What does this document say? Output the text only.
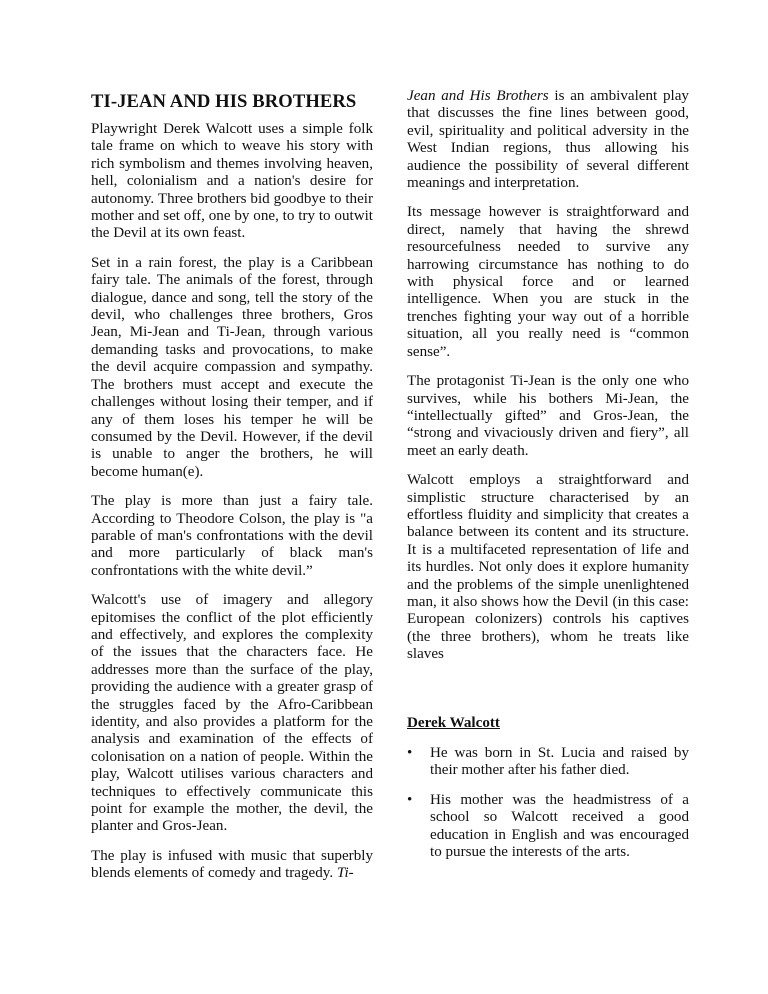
TI-JEAN AND HIS BROTHERS

Playwright Derek Walcott uses a simple folk tale frame on which to weave his story with rich symbolism and themes involving heaven, hell, colonialism and a nation's desire for autonomy. Three brothers bid goodbye to their mother and set off, one by one, to try to outwit the Devil at its own feast.

Set in a rain forest, the play is a Caribbean fairy tale. The animals of the forest, through dialogue, dance and song, tell the story of the devil, who challenges three brothers, Gros Jean, Mi-Jean and Ti-Jean, through various demanding tasks and provocations, to make the devil acquire compassion and sympathy. The brothers must accept and execute the challenges without losing their temper, and if any of them loses his temper he will be consumed by the Devil. However, if the devil is unable to anger the brothers, he will become human(e).

The play is more than just a fairy tale. According to Theodore Colson, the play is "a parable of man's confrontations with the devil and more particularly of black man's confrontations with the white devil.”

Walcott's use of imagery and allegory epitomises the conflict of the plot efficiently and effectively, and explores the complexity of the issues that the characters face. He addresses more than the surface of the play, providing the audience with a greater grasp of the struggles faced by the Afro-Caribbean identity, and also provides a platform for the analysis and examination of the effects of colonisation on a nation of people. Within the play, Walcott utilises various characters and techniques to effectively communicate this point for example the mother, the devil, the planter and Gros-Jean.

The play is infused with music that superbly blends elements of comedy and tragedy. Ti-

Jean and His Brothers is an ambivalent play that discusses the fine lines between good, evil, spirituality and political adversity in the West Indian regions, thus allowing his audience the possibility of several different meanings and interpretation.

Its message however is straightforward and direct, namely that having the shrewd resourcefulness needed to survive any harrowing circumstance has nothing to do with physical force and or learned intelligence. When you are stuck in the trenches fighting your way out of a horrible situation, all you really need is “common sense”.

The protagonist Ti-Jean is the only one who survives, while his bothers Mi-Jean, the “intellectually gifted” and Gros-Jean, the “strong and vivaciously driven and fiery”, all meet an early death.

Walcott employs a straightforward and simplistic structure characterised by an effortless fluidity and simplicity that creates a balance between its content and its structure. It is a multifaceted representation of life and its hurdles. Not only does it explore humanity and the problems of the simple unenlightened man, it also shows how the Devil (in this case: European colonizers) controls his captives (the three brothers), whom he treats like slaves

Derek Walcott
• He was born in St. Lucia and raised by their mother after his father died.
• His mother was the headmistress of a school so Walcott received a good education in English and was encouraged to pursue the interests of the arts.
